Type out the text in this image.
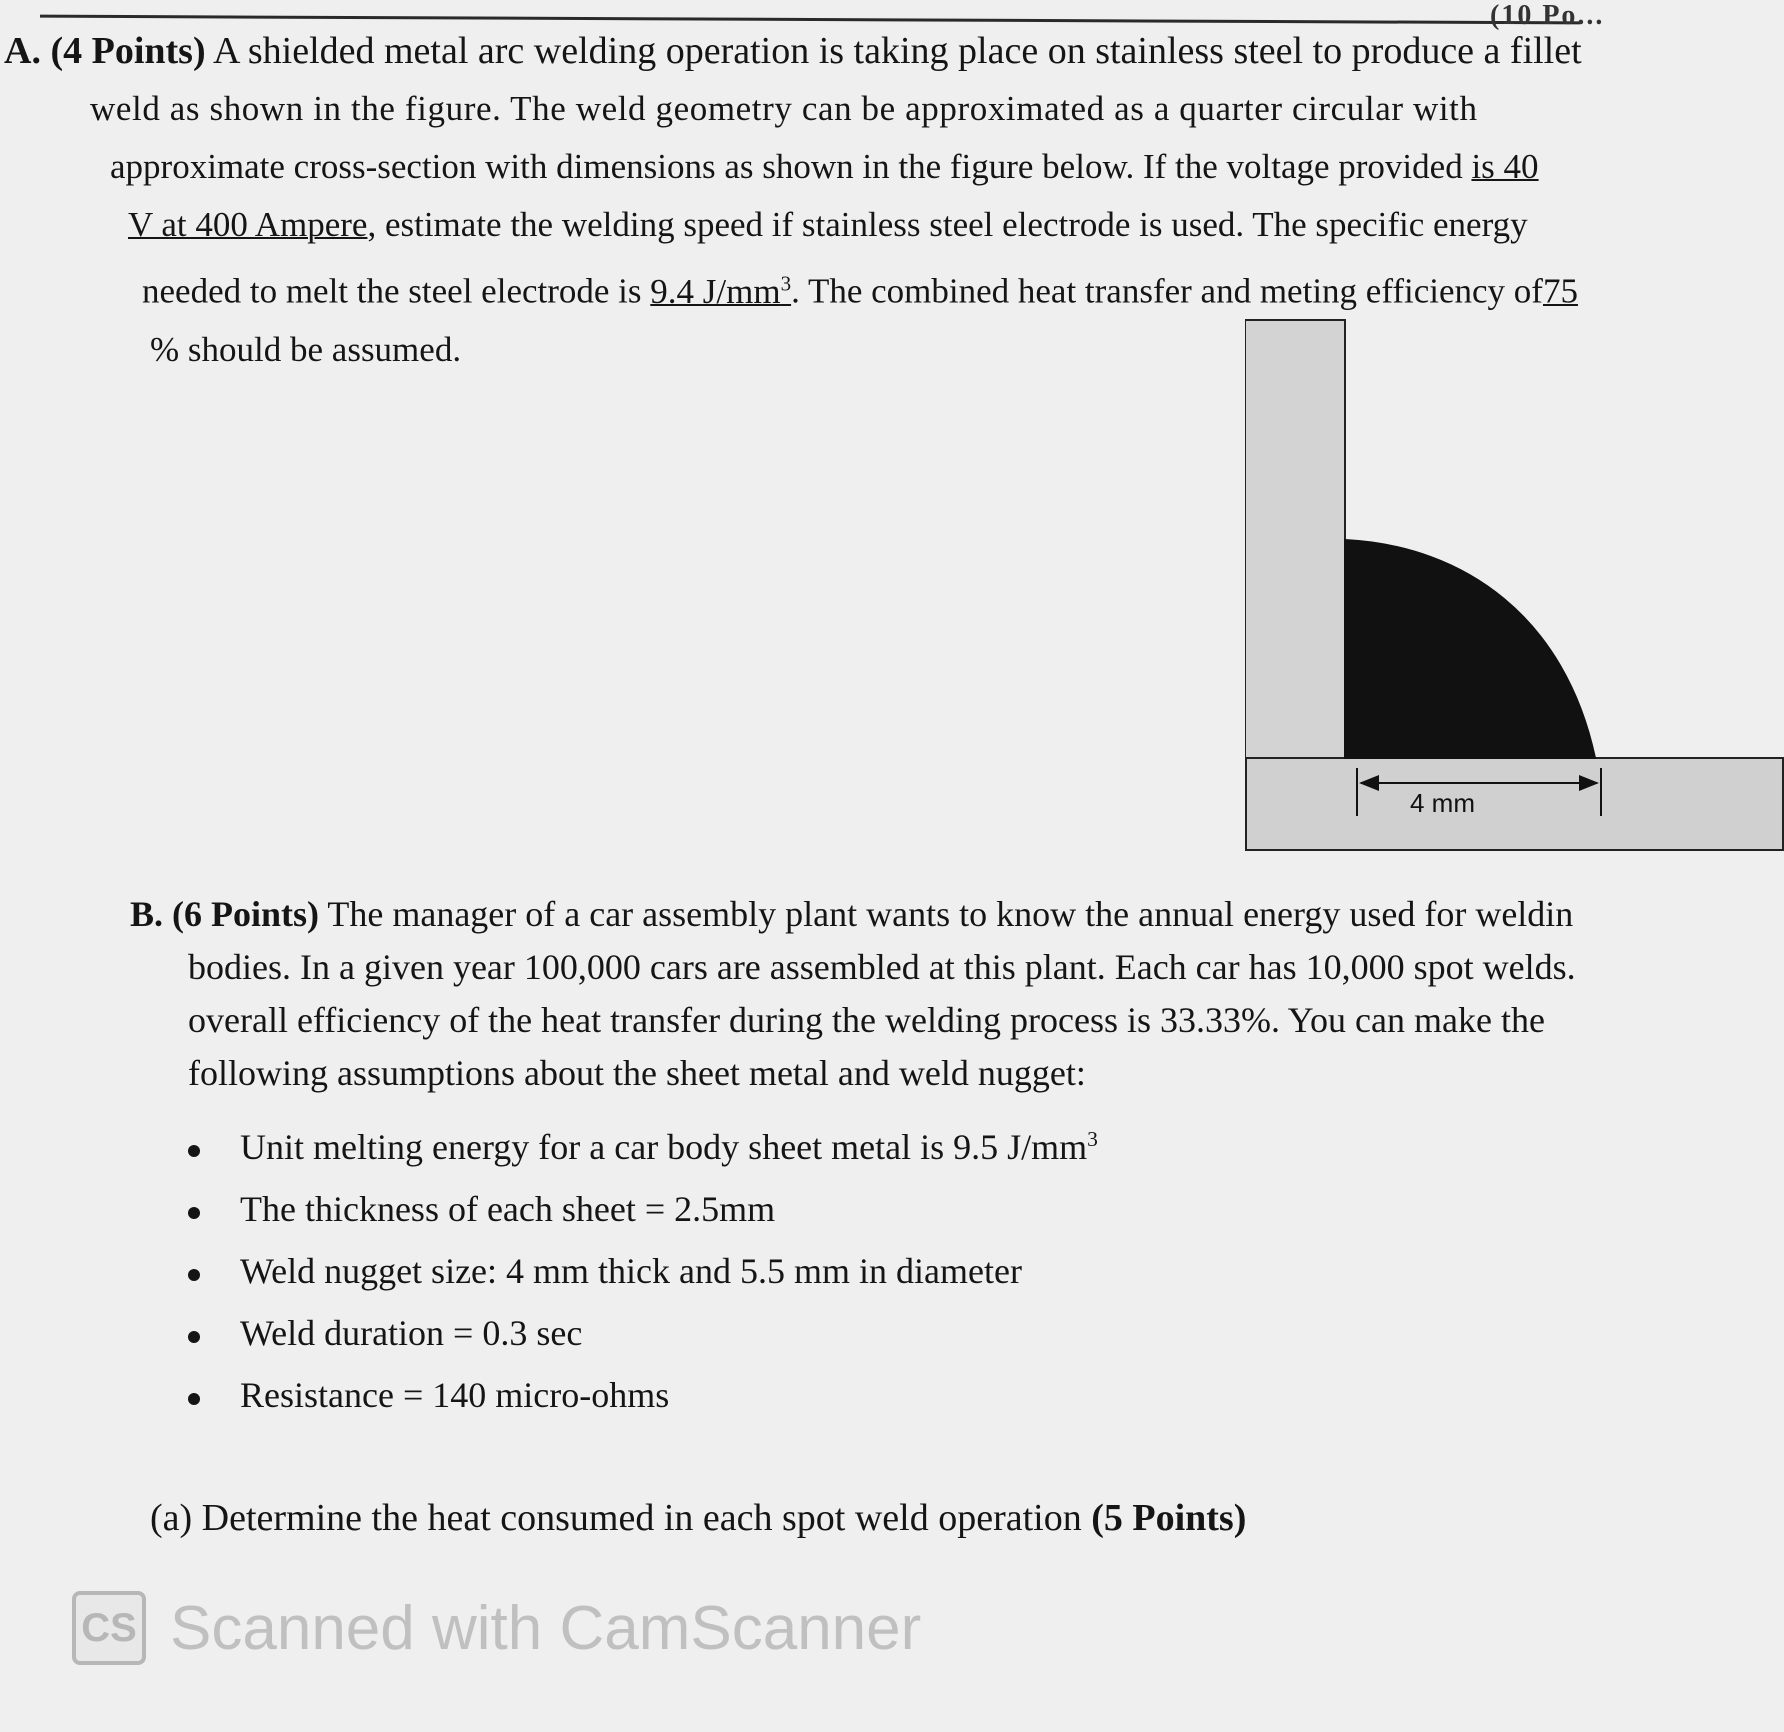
(10 Po...
A. (4 Points) A shielded metal arc welding operation is taking place on stainless steel to produce a fillet
weld as shown in the figure. The weld geometry can be approximated as a quarter circular with
approximate cross-section with dimensions as shown in the figure below. If the voltage provided is 40
V at 400 Ampere, estimate the welding speed if stainless steel electrode is used. The specific energy
needed to melt the steel electrode is 9.4 $J/mm^3$. The combined heat transfer and meting efficiency of75
% should be assumed.
4 mm
B. (6 Points) The manager of a car assembly plant wants to know the annual energy used for weldin
bodies. In a given year 100,000 cars are assembled at this plant. Each car has 10,000 spot welds.
overall efficiency of the heat transfer during the welding process is 33.33%. You can make the
following assumptions about the sheet metal and weld nugget:
Unit melting energy for a car body sheet metal is 9.5 $J/mm^3$
The thickness of each sheet = 2.5mm
Weld nugget size: 4 mm thick and 5.5 mm in diameter
Weld duration = 0.3 sec
Resistance = 140 micro-ohms
(a) Determine the heat consumed in each spot weld operation (5 Points)
CS Scanned with CamScanner
